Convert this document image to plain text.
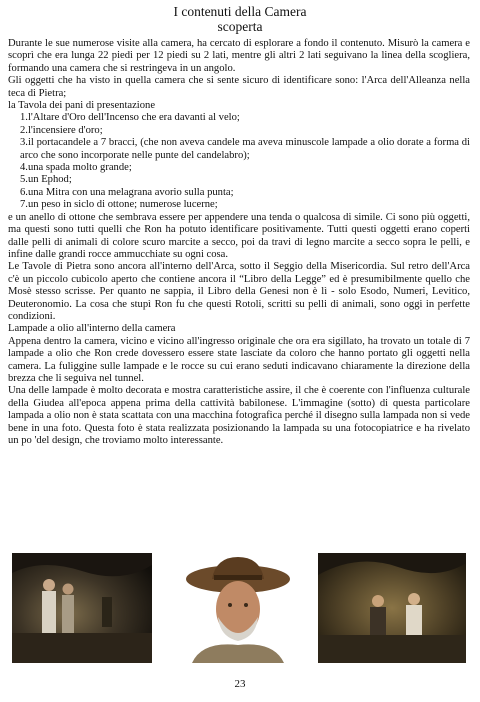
I contenuti della Camera
scoperta

Durante le sue numerose visite alla camera, ha cercato di esplorare a fondo il contenuto. Misurò la camera e scoprì che era lunga 22 piedi per 12 piedi su 2 lati, mentre gli altri 2 lati seguivano la linea della scogliera, formando una camera che si restringeva in un angolo.

Gli oggetti che ha visto in quella camera che si sente sicuro di identificare sono: l'Arca dell'Alleanza nella teca di Pietra;

la Tavola dei pani di presentazione

1.l'Altare d'Oro dell'Incenso che era davanti al velo;

2.l'incensiere d'oro;

3.il portacandele a 7 bracci, (che non aveva candele ma aveva minuscole lampade a olio dorate a forma di arco che sono incorporate nelle punte del candelabro);

4.una spada molto grande;

5.un Ephod;

6.una Mitra con una melagrana avorio sulla punta;

7.un peso in siclo di ottone; numerose lucerne;

e un anello di ottone che sembrava essere per appendere una tenda o qualcosa di simile. Ci sono più oggetti, ma questi sono tutti quelli che Ron ha potuto identificare positivamente. Tutti questi oggetti erano coperti dalle pelli di animali di colore scuro marcite a secco, poi da travi di legno marcite a secco sopra le pelli, e infine dalle grandi rocce ammucchiate su ogni cosa.

Le Tavole di Pietra sono ancora all'interno dell'Arca, sotto il Seggio della Misericordia. Sul retro dell'Arca c'è un piccolo cubicolo aperto che contiene ancora il “Libro della Legge” ed è presumibilmente quello che Mosè stesso scrisse. Per quanto ne sappia, il Libro della Genesi non è lì - solo Esodo, Numeri, Levitico, Deuteronomio. La cosa che stupì Ron fu che questi Rotoli, scritti su pelli di animali, sono oggi in perfette condizioni.

Lampade a olio all'interno della camera

Appena dentro la camera, vicino e vicino all'ingresso originale che ora era sigillato, ha trovato un totale di 7 lampade a olio che Ron crede dovessero essere state lasciate da coloro che hanno portato gli oggetti nella camera. La fuliggine sulle lampade e le rocce su cui erano seduti indicavano chiaramente la direzione della brezza che li seguiva nel tunnel.

Una delle lampade è molto decorata e mostra caratteristiche assire, il che è coerente con l'influenza culturale della Giudea all'epoca appena prima della cattività babilonese. L'immagine (sotto) di questa particolare lampada a olio non è stata scattata con una macchina fotografica perché il disegno sulla lampada non si vede bene in una foto. Questa foto è stata realizzata posizionando la lampada su una fotocopiatrice e ha rivelato un po 'del design, che troviamo molto interessante.

23
